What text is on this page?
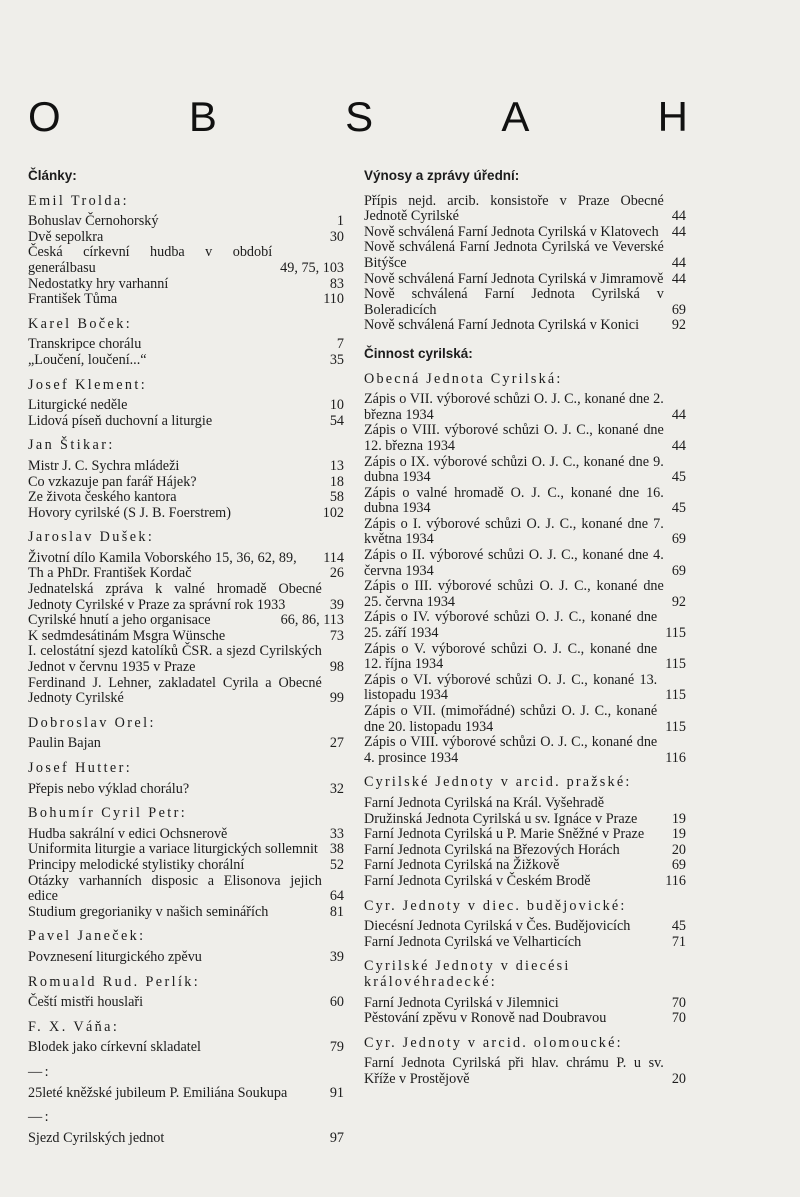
O	B	S	A	H
Články:
Emil Trolda:
Bohuslav Černohorský	1
Dvě sepolkra	30
Česká církevní hudba v období generálbasu	49, 75, 103
Nedostatky hry varhanní	83
František Tůma	110
Karel Boček:
Transkripce chorálu	7
„Loučení, loučení...“	35
Josef Klement:
Liturgické neděle	10
Lidová píseň duchovní a liturgie	54
Jan Štikar:
Mistr J. C. Sychra mládeži	13
Co vzkazuje pan farář Hájek?	18
Ze života českého kantora	58
Hovory cyrilské (S J. B. Foerstrem)	102
Jaroslav Dušek:
Životní dílo Kamila Voborského 15, 36, 62, 89,	114
Th a PhDr. František Kordač	26
Jednatelská zpráva k valné hromadě Obecné Jednoty Cyrilské v Praze za správní rok 1933	39
Cyrilské hnutí a jeho organisace	66, 86, 113
K sedmdesátinám Msgra Wünsche	73
I. celostátní sjezd katolíků ČSR. a sjezd Cyrilských Jednot v červnu 1935 v Praze	98
Ferdinand J. Lehner, zakladatel Cyrila a Obecné Jednoty Cyrilské	99
Dobroslav Orel:
Paulin Bajan	27
Josef Hutter:
Přepis nebo výklad chorálu?	32
Bohumír Cyril Petr:
Hudba sakrální v edici Ochsnerově	33
Uniformita liturgie a variace liturgických sollemnit 38
Principy melodické stylistiky chorální	52
Otázky varhanních disposic a Elisonova jejich edice	64
Studium gregorianiky v našich seminářích	81
Pavel Janeček:
Povznesení liturgického zpěvu	39
Romuald Rud. Perlík:
Čeští mistři houslaři	60
F. X. Váňa:
Blodek jako církevní skladatel	79
—:
25leté kněžské jubileum P. Emiliána Soukupa	91
—:
Sjezd Cyrilských jednot	97
Výnosy a zprávy úřední:
Přípis nejd. arcib. konsistoře v Praze Obecné Jednotě Cyrilské	44
Nově schválená Farní Jednota Cyrilská v Klatovech 44
Nově schválená Farní Jednota Cyrilská ve Veverské Bitýšce	44
Nově schválená Farní Jednota Cyrilská v Jimramově 44
Nově schválená Farní Jednota Cyrilská v Boleradicích	69
Nově schválená Farní Jednota Cyrilská v Konici	92
Činnost cyrilská:
Obecná Jednota Cyrilská:
Zápis o VII. výborové schůzi O. J. C., konané dne 2. března 1934	44
Zápis o VIII. výborové schůzi O. J. C., konané dne 12. března 1934	44
Zápis o IX. výborové schůzi O. J. C., konané dne 9. dubna 1934	45
Zápis o valné hromadě O. J. C., konané dne 16. dubna 1934	45
Zápis o I. výborové schůzi O. J. C., konané dne 7. května 1934	69
Zápis o II. výborové schůzi O. J. C., konané dne 4. června 1934	69
Zápis o III. výborové schůzi O. J. C., konané dne 25. června 1934	92
Zápis o IV. výborové schůzi O. J. C., konané dne 25. září 1934	115
Zápis o V. výborové schůzi O. J. C., konané dne 12. října 1934	115
Zápis o VI. výborové schůzi O. J. C., konané 13. listopadu 1934	115
Zápis o VII. (mimořádné) schůzi O. J. C., konané dne 20. listopadu 1934	115
Zápis o VIII. výborové schůzi O. J. C., konané dne 4. prosince 1934	116
Cyrilské Jednoty v arcid. pražské:
Farní Jednota Cyrilská na Král. Vyšehradě
Družinská Jednota Cyrilská u sv. Ignáce v Praze	19
Farní Jednota Cyrilská u P. Marie Sněžné v Praze	19
Farní Jednota Cyrilská na Březových Horách	20
Farní Jednota Cyrilská na Žižkově	69
Farní Jednota Cyrilská v Českém Brodě	116
Cyr. Jednoty v diec. budějovické:
Diecésní Jednota Cyrilská v Čes. Budějovicích	45
Farní Jednota Cyrilská ve Velharticích	71
Cyrilské Jednoty v diecési královéhradecké:
Farní Jednota Cyrilská v Jilemnici	70
Pěstování zpěvu v Ronově nad Doubravou	70
Cyr. Jednoty v arcid. olomoucké:
Farní Jednota Cyrilská při hlav. chrámu P. u sv. Kříže v Prostějově	20
